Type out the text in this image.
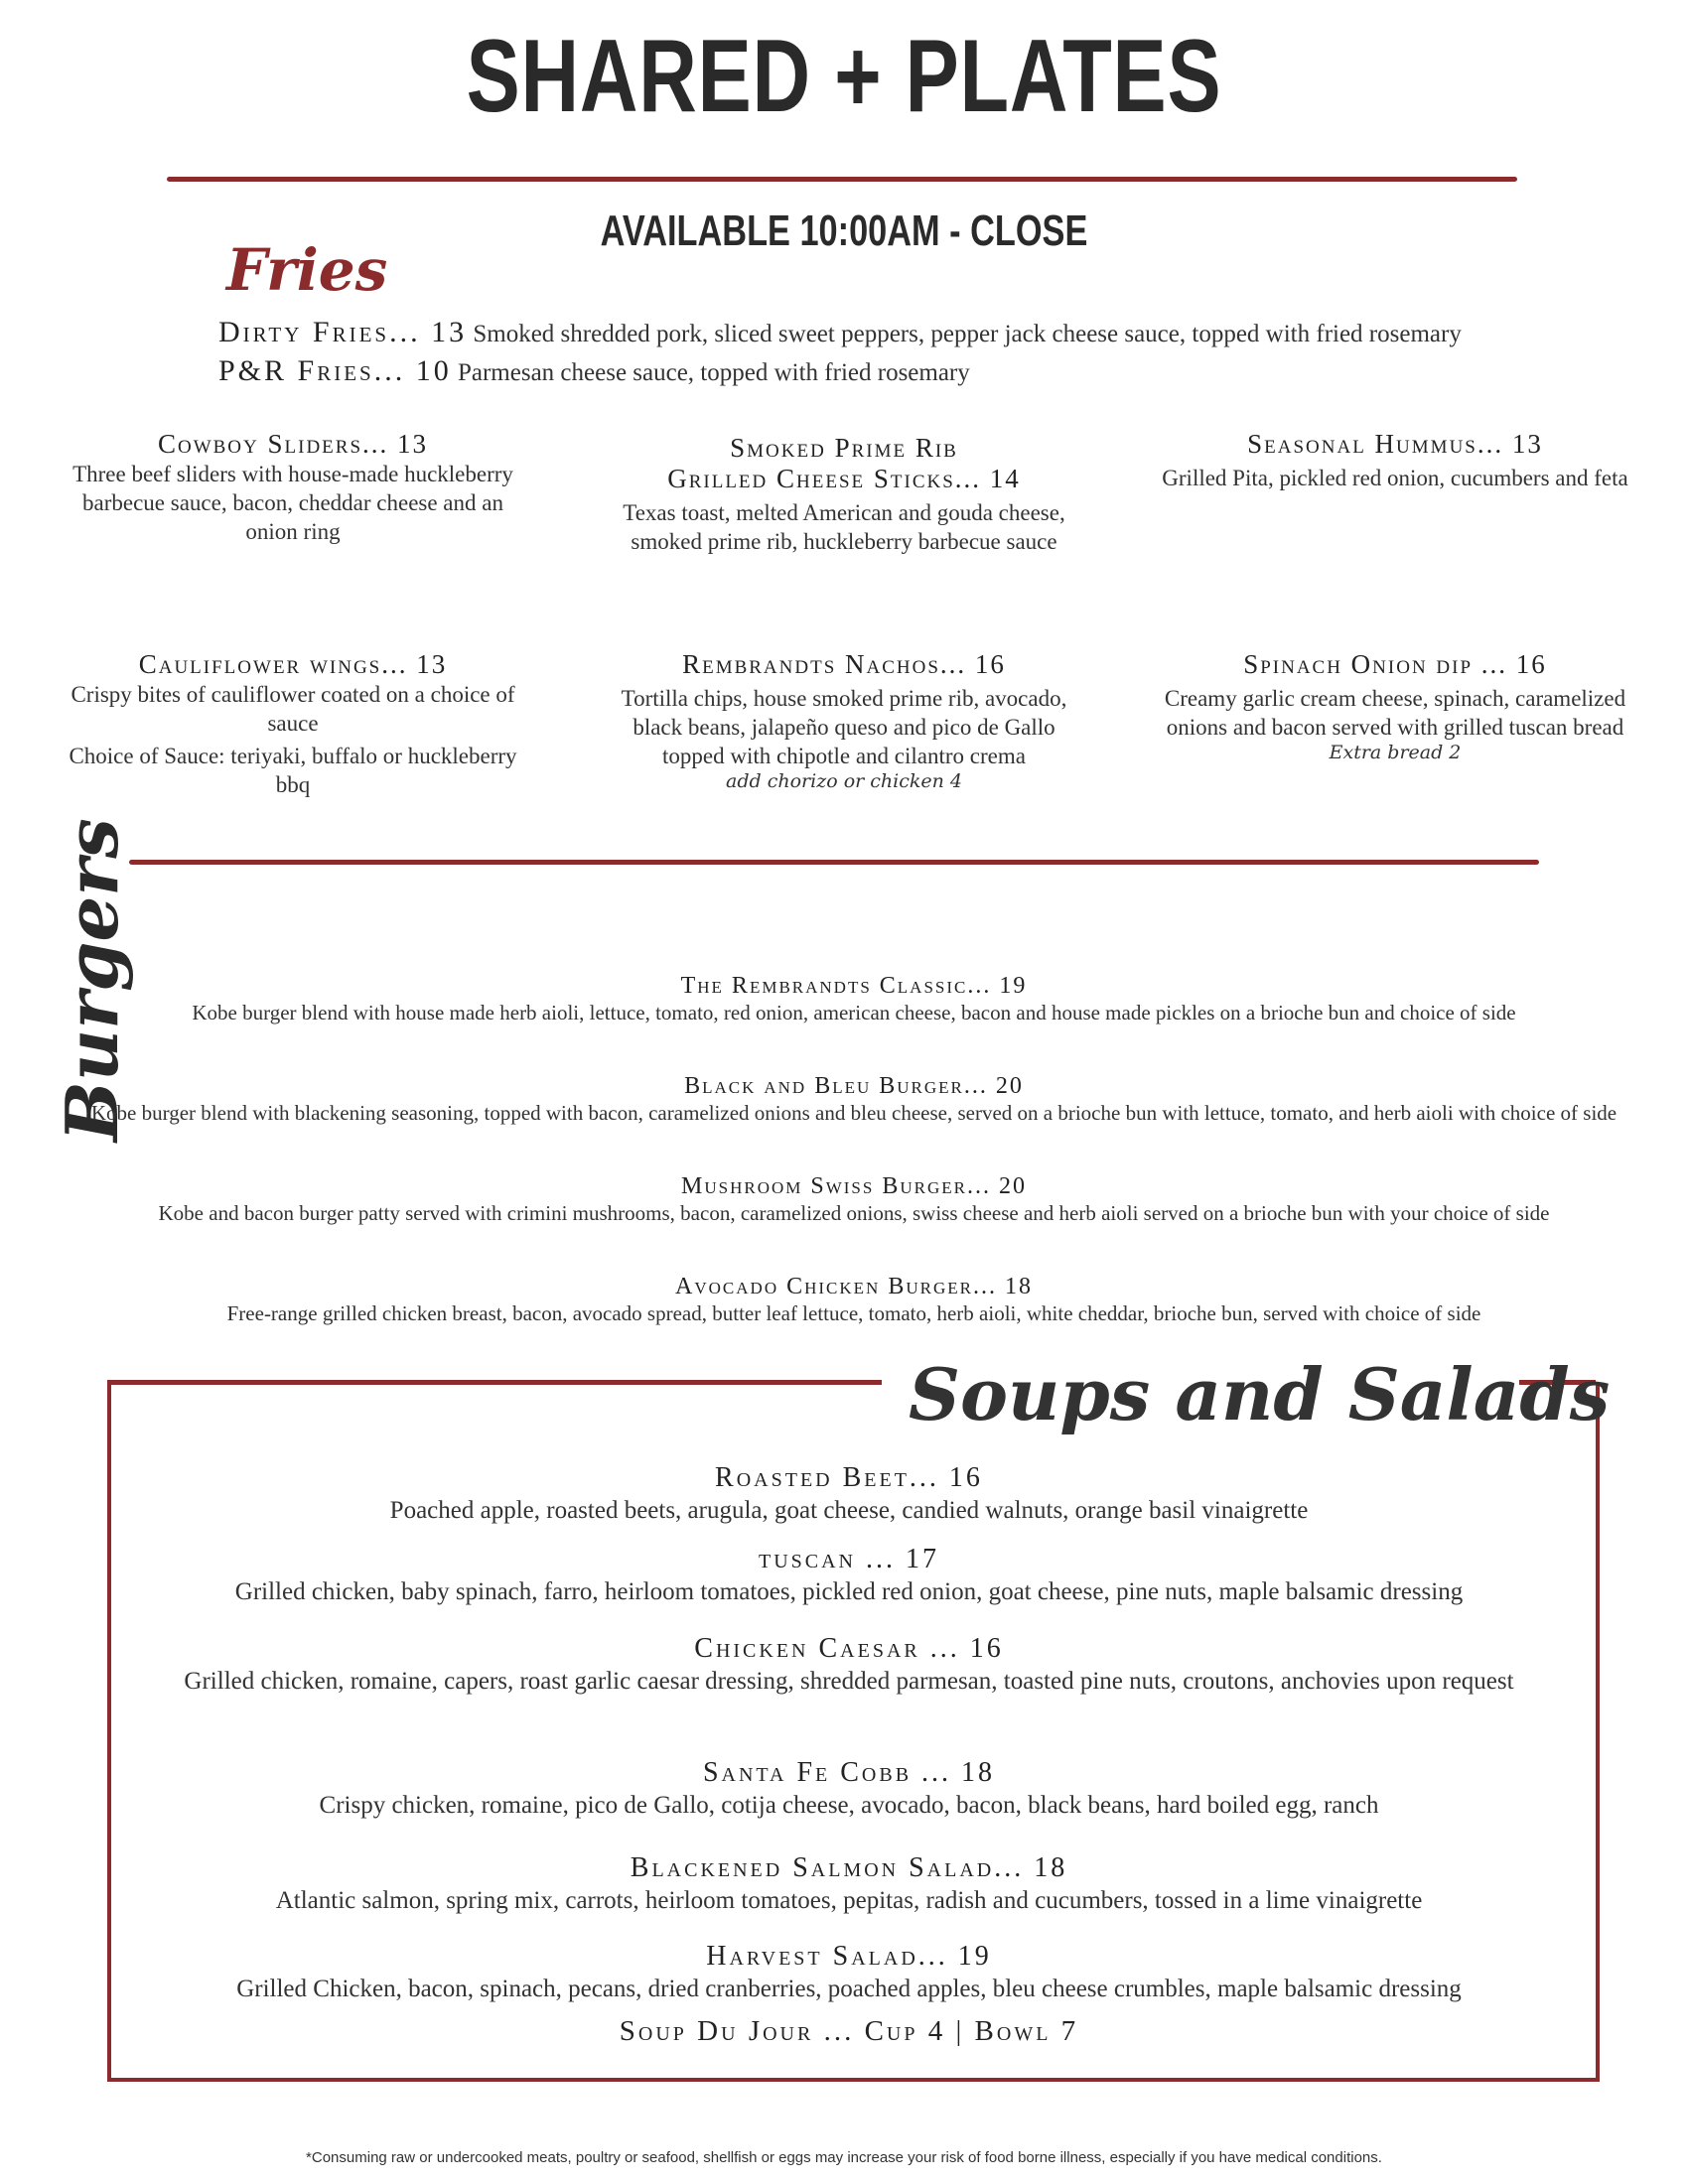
SHARED + PLATES
AVAILABLE 10:00AM - CLOSE
Fries
Dirty Fries... 13 Smoked shredded pork, sliced sweet peppers, pepper jack cheese sauce, topped with fried rosemary
P&R Fries... 10 Parmesan cheese sauce, topped with fried rosemary
Cowboy Sliders... 13
Three beef sliders with house-made huckleberry barbecue sauce, bacon, cheddar cheese and an onion ring
Smoked Prime Rib
Grilled Cheese Sticks... 14
Texas toast, melted American and gouda cheese, smoked prime rib, huckleberry barbecue sauce
Seasonal Hummus... 13
Grilled Pita, pickled red onion, cucumbers and feta
Cauliflower wings... 13
Crispy bites of cauliflower coated on a choice of sauce
Choice of Sauce: teriyaki, buffalo or huckleberry bbq
Rembrandts Nachos... 16
Tortilla chips, house smoked prime rib, avocado, black beans, jalapeño queso and pico de Gallo topped with chipotle and cilantro crema
add chorizo or chicken 4
Spinach Onion dip ... 16
Creamy garlic cream cheese, spinach, caramelized onions and bacon served with grilled tuscan bread
Extra bread 2
Burgers	The Rembrandts Classic... 19
Kobe burger blend with house made herb aioli, lettuce, tomato, red onion, american cheese, bacon and house made pickles on a brioche bun and choice of side
Black and Bleu Burger... 20
Kobe burger blend with blackening seasoning, topped with bacon, caramelized onions and bleu cheese, served on a brioche bun with lettuce, tomato, and herb aioli with choice of side
Mushroom Swiss Burger... 20
Kobe and bacon burger patty served with crimini mushrooms, bacon, caramelized onions, swiss cheese and herb aioli served on a brioche bun with your choice of side
Avocado Chicken Burger... 18
Free-range grilled chicken breast, bacon, avocado spread, butter leaf lettuce, tomato, herb aioli, white cheddar, brioche bun, served with choice of side
Soups and Salads
Roasted Beet... 16
Poached apple, roasted beets, arugula, goat cheese, candied walnuts, orange basil vinaigrette
tuscan ... 17
Grilled chicken, baby spinach, farro, heirloom tomatoes, pickled red onion, goat cheese, pine nuts, maple balsamic dressing
Chicken Caesar ... 16
Grilled chicken, romaine, capers, roast garlic caesar dressing, shredded parmesan, toasted pine nuts, croutons, anchovies upon request
Santa Fe Cobb ... 18
Crispy chicken, romaine, pico de Gallo, cotija cheese, avocado, bacon, black beans, hard boiled egg, ranch
Blackened Salmon Salad... 18
Atlantic salmon, spring mix, carrots, heirloom tomatoes, pepitas, radish and cucumbers, tossed in a lime vinaigrette
Harvest Salad... 19
Grilled Chicken, bacon, spinach, pecans, dried cranberries, poached apples, bleu cheese crumbles, maple balsamic dressing
Soup Du Jour ... Cup 4 | Bowl 7
*Consuming raw or undercooked meats, poultry or seafood, shellfish or eggs may increase your risk of food borne illness, especially if you have medical conditions.
